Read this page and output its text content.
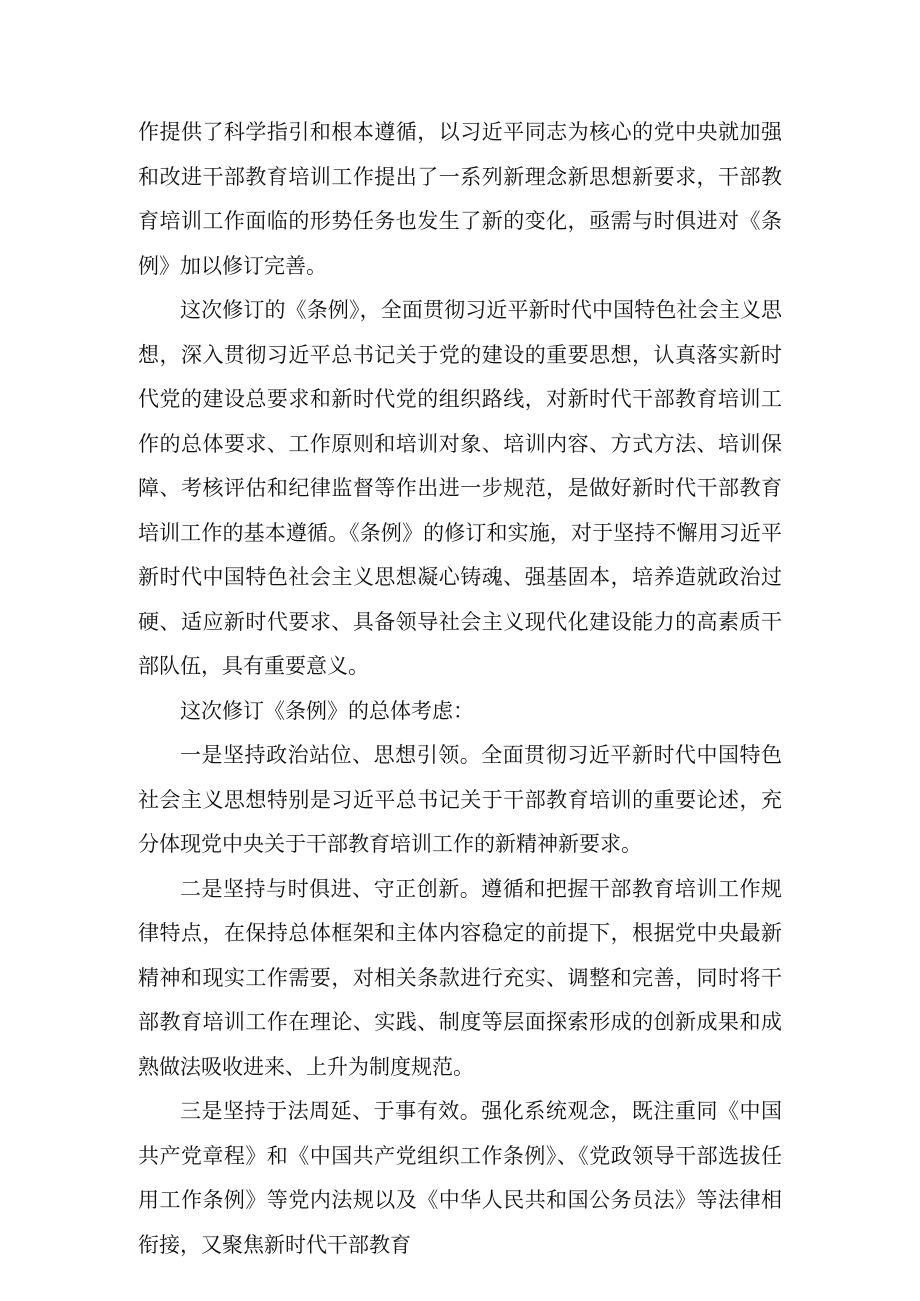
作提供了科学指引和根本遵循，以习近平同志为核心的党中央就加强和改进干部教育培训工作提出了一系列新理念新思想新要求，干部教育培训工作面临的形势任务也发生了新的变化，亟需与时俱进对《条例》加以修订完善。

这次修订的《条例》，全面贯彻习近平新时代中国特色社会主义思想，深入贯彻习近平总书记关于党的建设的重要思想，认真落实新时代党的建设总要求和新时代党的组织路线，对新时代干部教育培训工作的总体要求、工作原则和培训对象、培训内容、方式方法、培训保障、考核评估和纪律监督等作出进一步规范，是做好新时代干部教育培训工作的基本遵循。《条例》的修订和实施，对于坚持不懈用习近平新时代中国特色社会主义思想凝心铸魂、强基固本，培养造就政治过硬、适应新时代要求、具备领导社会主义现代化建设能力的高素质干部队伍，具有重要意义。

这次修订《条例》的总体考虑：

一是坚持政治站位、思想引领。全面贯彻习近平新时代中国特色社会主义思想特别是习近平总书记关于干部教育培训的重要论述，充分体现党中央关于干部教育培训工作的新精神新要求。

二是坚持与时俱进、守正创新。遵循和把握干部教育培训工作规律特点，在保持总体框架和主体内容稳定的前提下，根据党中央最新精神和现实工作需要，对相关条款进行充实、调整和完善，同时将干部教育培训工作在理论、实践、制度等层面探索形成的创新成果和成熟做法吸收进来、上升为制度规范。

三是坚持于法周延、于事有效。强化系统观念，既注重同《中国共产党章程》和《中国共产党组织工作条例》、《党政领导干部选拔任用工作条例》等党内法规以及《中华人民共和国公务员法》等法律相衔接，又聚焦新时代干部教育
